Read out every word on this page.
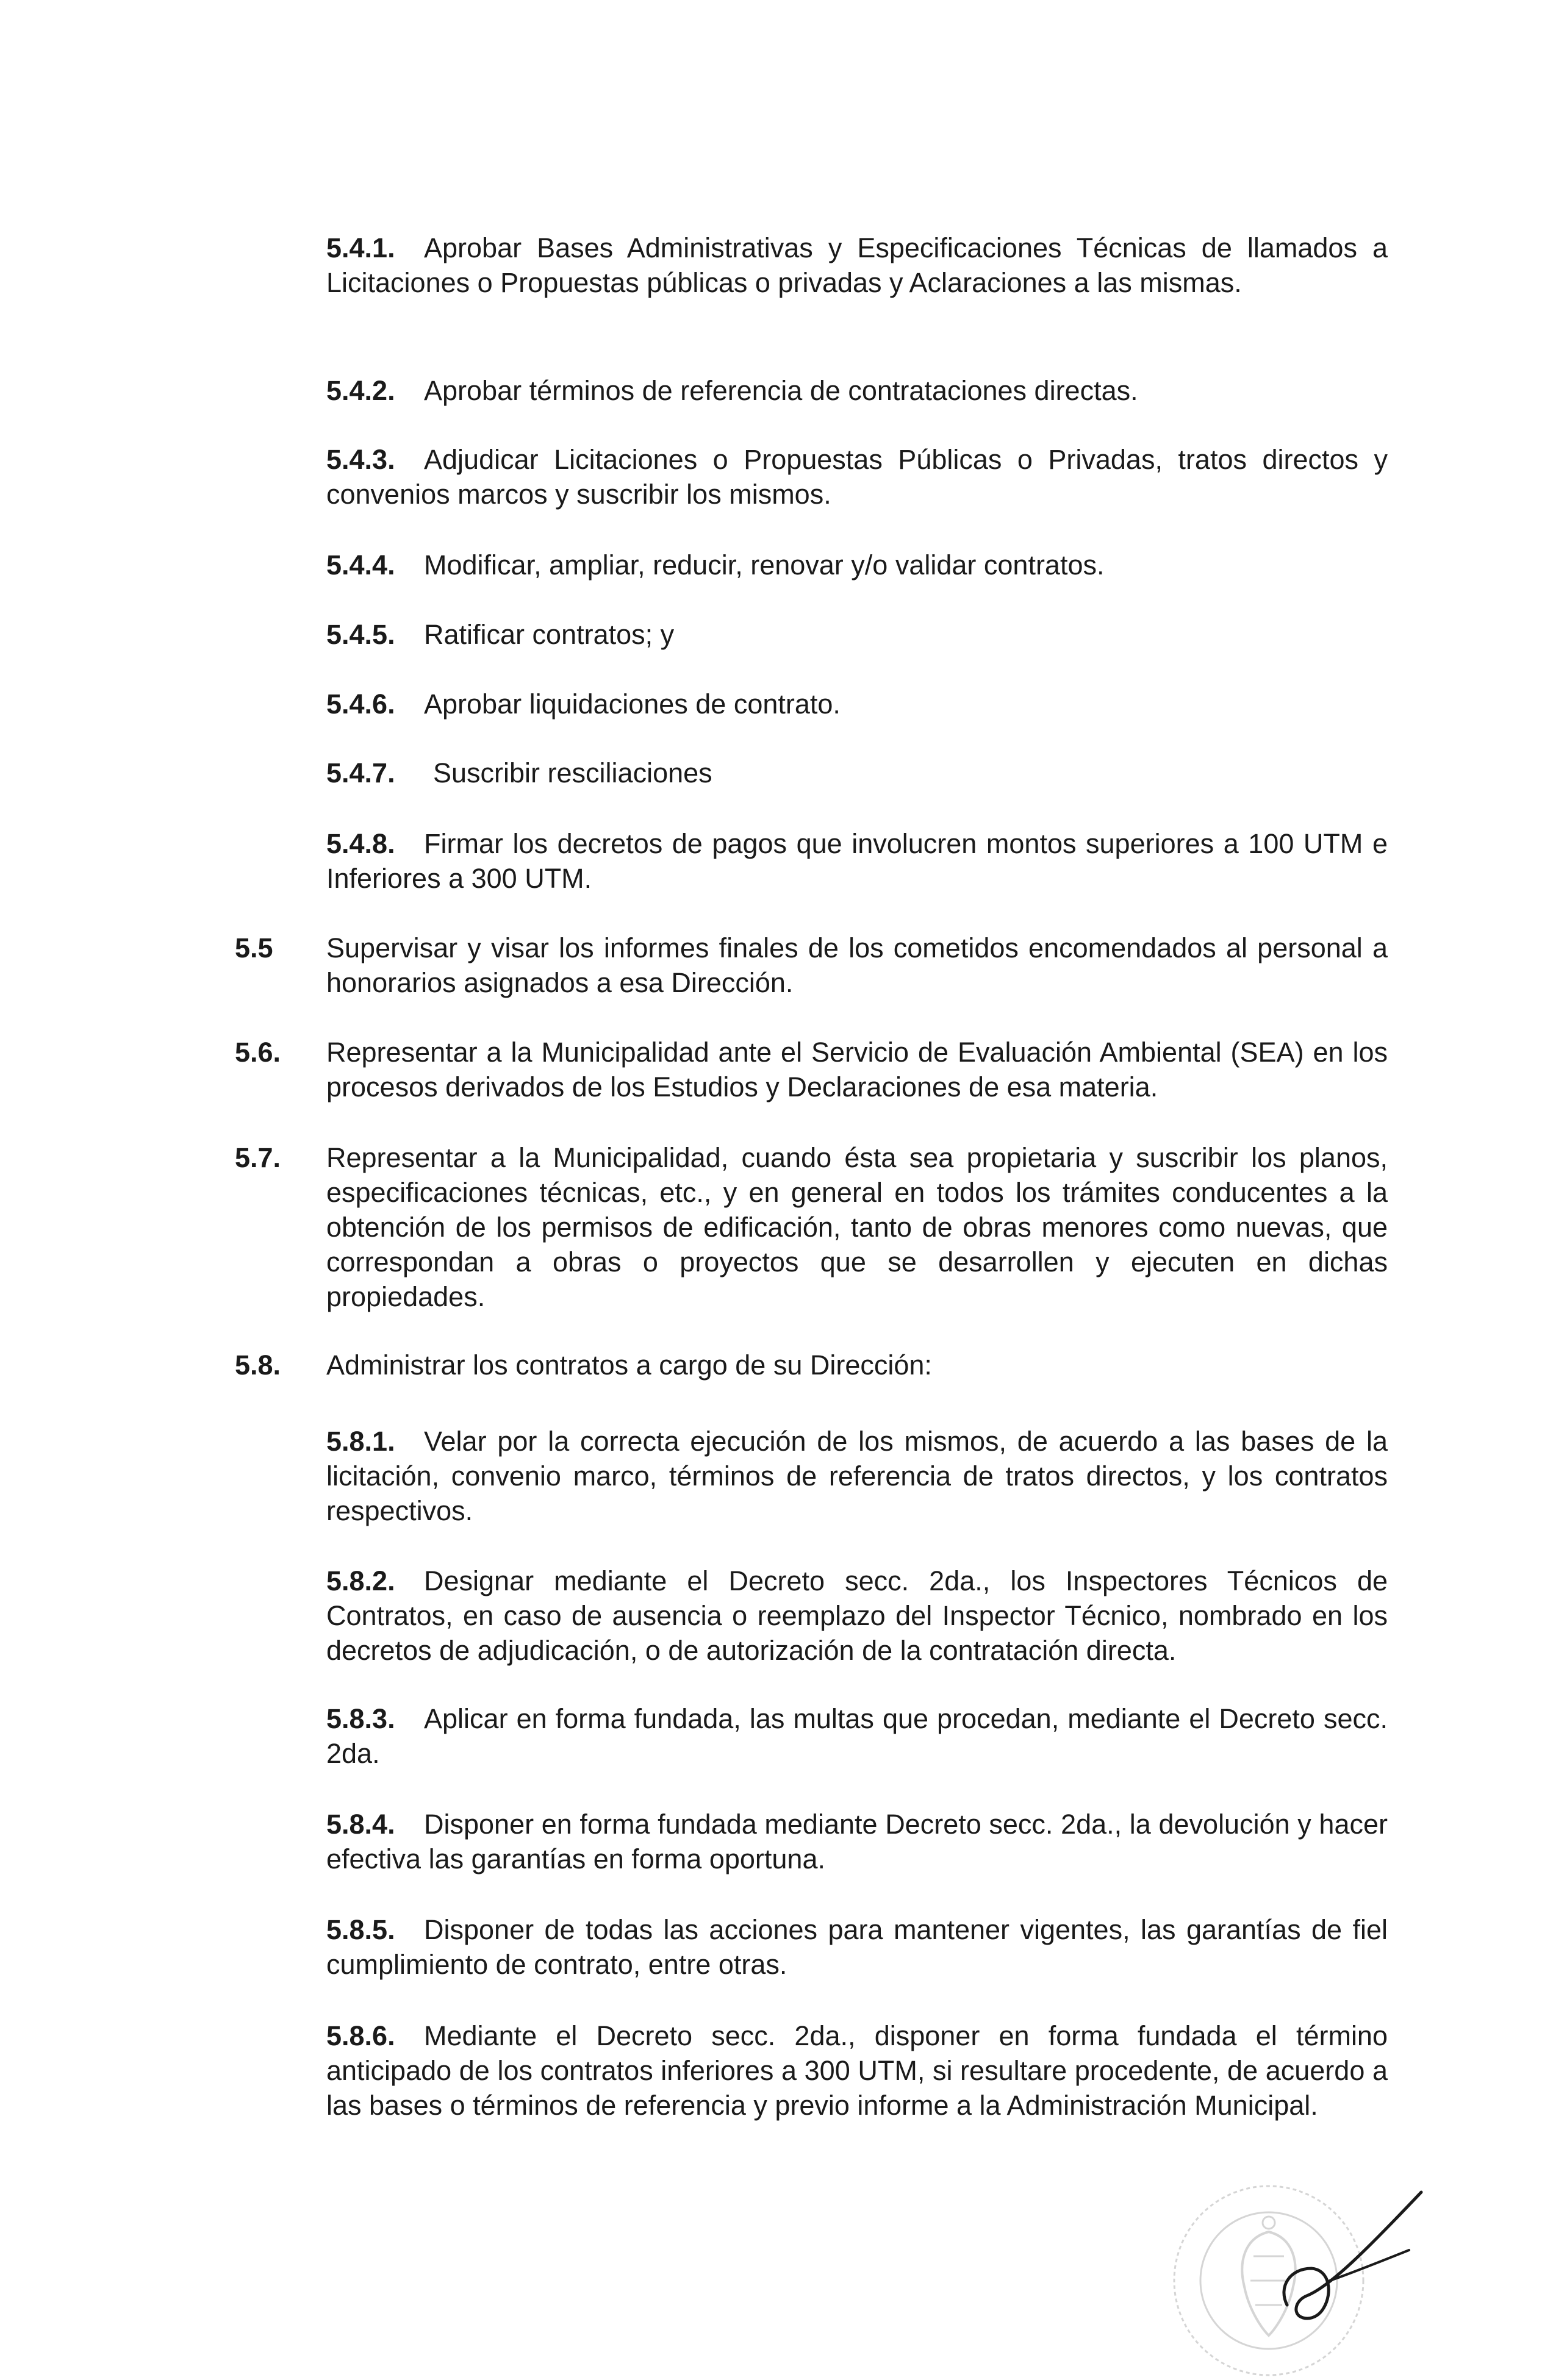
5.4.1.	Aprobar Bases Administrativas y Especificaciones Técnicas de llamados a Licitaciones o Propuestas públicas o privadas y Aclaraciones a las mismas.
5.4.2.	Aprobar términos de referencia de contrataciones directas.
5.4.3.	Adjudicar Licitaciones o Propuestas Públicas o Privadas, tratos directos y convenios marcos y suscribir los mismos.
5.4.4.	Modificar, ampliar, reducir, renovar y/o validar contratos.
5.4.5.	Ratificar contratos; y
5.4.6.	Aprobar liquidaciones de contrato.
5.4.7.	Suscribir resciliaciones
5.4.8.	Firmar los decretos de pagos que involucren montos superiores a 100 UTM e Inferiores a 300 UTM.
5.5	Supervisar y visar los informes finales de los cometidos encomendados al personal a honorarios asignados a esa Dirección.
5.6.	Representar a la Municipalidad ante el Servicio de Evaluación Ambiental (SEA) en los procesos derivados de los Estudios y Declaraciones de esa materia.
5.7.	Representar a la Municipalidad, cuando ésta sea propietaria y suscribir los planos, especificaciones técnicas, etc., y en general en todos los trámites conducentes a la obtención de los permisos de edificación, tanto de obras menores como nuevas, que correspondan a obras o proyectos que se desarrollen y ejecuten en dichas propiedades.
5.8.	Administrar los contratos a cargo de su Dirección:
5.8.1.	Velar por la correcta ejecución de los mismos, de acuerdo a las bases de la licitación, convenio marco, términos de referencia de tratos directos, y los contratos respectivos.
5.8.2.	Designar mediante el Decreto secc. 2da., los Inspectores Técnicos de Contratos, en caso de ausencia o reemplazo del Inspector Técnico, nombrado en los decretos de adjudicación, o de autorización de la contratación directa.
5.8.3.	Aplicar en forma fundada, las multas que procedan, mediante el Decreto secc. 2da.
5.8.4.	Disponer en forma fundada mediante Decreto secc. 2da., la devolución y hacer efectiva las garantías en forma oportuna.
5.8.5.	Disponer de todas las acciones para mantener vigentes, las garantías de fiel cumplimiento de contrato, entre otras.
5.8.6.	Mediante el Decreto secc. 2da., disponer en forma fundada el término anticipado de los contratos inferiores a 300 UTM, si resultare procedente, de acuerdo a las bases o términos de referencia y previo informe a la Administración Municipal.
